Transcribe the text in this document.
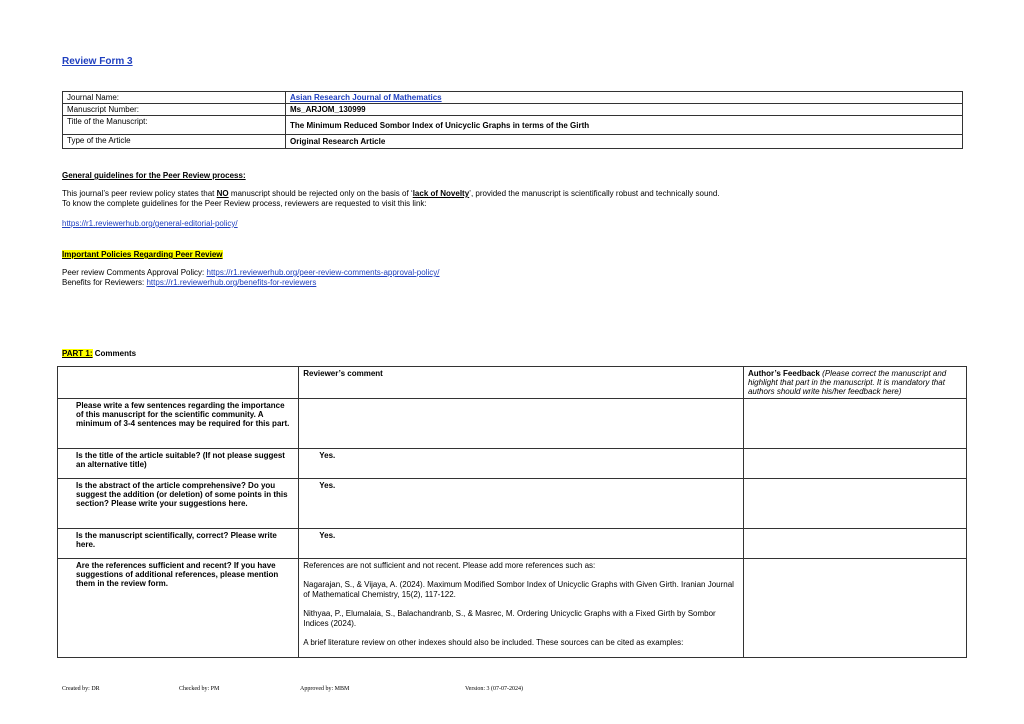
Review Form 3
Journal Name:	Asian Research Journal of Mathematics
Manuscript Number:	Ms_ARJOM_130999
Title of the Manuscript:	The Minimum Reduced Sombor Index of Unicyclic Graphs in terms of the Girth
Type of the Article	Original Research Article
General guidelines for the Peer Review process:
This journal’s peer review policy states that NO manuscript should be rejected only on the basis of ‘lack of Novelty’, provided the manuscript is scientifically robust and technically sound.
To know the complete guidelines for the Peer Review process, reviewers are requested to visit this link:
https://r1.reviewerhub.org/general-editorial-policy/
Important Policies Regarding Peer Review
Peer review Comments Approval Policy: https://r1.reviewerhub.org/peer-review-comments-approval-policy/
Benefits for Reviewers: https://r1.reviewerhub.org/benefits-for-reviewers
PART 1: Comments
	Reviewer’s comment	Author’s Feedback (Please correct the manuscript and highlight that part in the manuscript. It is mandatory that authors should write his/her feedback here)
Please write a few sentences regarding the importance of this manuscript for the scientific community. A minimum of 3-4 sentences may be required for this part.		
Is the title of the article suitable? (If not please suggest an alternative title)	Yes.	
Is the abstract of the article comprehensive? Do you suggest the addition (or deletion) of some points in this section? Please write your suggestions here.	Yes.	
Is the manuscript scientifically, correct? Please write here.	Yes.	
Are the references sufficient and recent? If you have suggestions of additional references, please mention them in the review form.	References are not sufficient and not recent. Please add more references such as:

Nagarajan, S., & Vijaya, A. (2024). Maximum Modified Sombor Index of Unicyclic Graphs with Given Girth. Iranian Journal of Mathematical Chemistry, 15(2), 117-122.

Nithyaa, P., Elumalaia, S., Balachandranb, S., & Masrec, M. Ordering Unicyclic Graphs with a Fixed Girth by Sombor Indices (2024).

A brief literature review on other indexes should also be included. These sources can be cited as examples:	

Created by: DR	Checked by: PM	Approved by: MBM	Version: 3 (07-07-2024)
